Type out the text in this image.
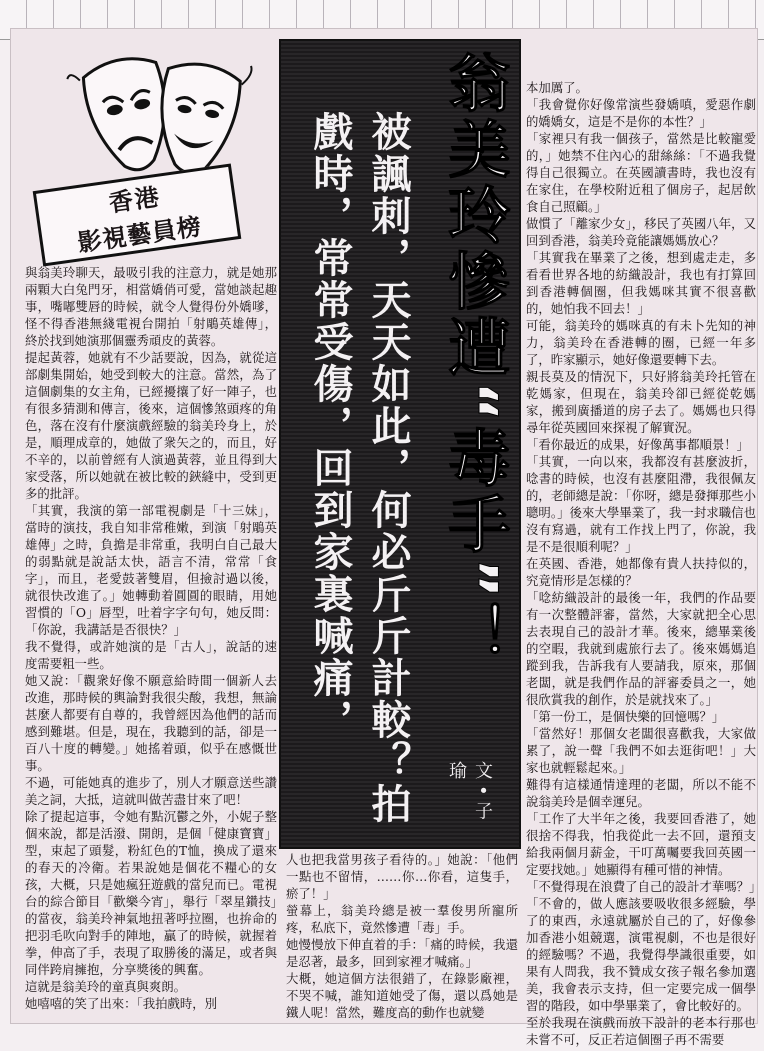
香港
影視藝員榜

與翁美玲聊天，最吸引我的注意力，就是她那兩顆大白兔門牙，相當嬌俏可愛，當她談起趣事，嘴嘟雙唇的時候，就令人覺得份外嬌嗲，怪不得香港無綫電視台開拍「射鵰英雄傳」，終於找到她演那個靈秀頑皮的黃蓉。

提起黃蓉，她就有不少話要說，因為，就從這部劇集開始，她受到較大的注意。當然，為了這個劇集的女主角，已經擾攘了好一陣子，也有很多猜測和傳言，後來，這個慘煞頭疼的角色，落在沒有什麼演戲經驗的翁美玲身上，於是，順理成章的，她做了衆矢之的，而且，好不辛的，以前曾經有人演過黃蓉，並且得到大家受落，所以她就在被比較的鋏縫中，受到更多的批評。

「其實，我演的第一部電視劇是「十三妹」，當時的演技，我自知非常稚嫩，到演「射鵰英雄傳」之時，負擔是非常重，我明白自己最大的弱點就是說話太快，語言不清，常常「食字」，而且，老愛鼓著雙眉，但撿討過以後，就很快改進了。」她轉動着圓圓的眼睛，用她習慣的「O」唇型，吐着字字句句，她反問：「你說，我講話是否很快？」

我不覺得，或許她演的是「古人」，說話的速度需要粗一些。

她又說：「觀衆好像不願意給時間一個新人去改進，那時候的輿論對我很尖酸，我想，無論甚麼人都要有自尊的，我曾經因為他們的話而感到難堪。但是，現在，我聽到的話，卻是一百八十度的轉變。」她搖着頭，似乎在感慨世事。

不過，可能她真的進步了，別人才願意送些讚美之詞，大抵，這就叫做苦盡甘來了吧！

除了提起這事，令她有點沉鬱之外，小妮子整個來說，都是活潑、開朗，是個「健康寶寶」型，束起了頭髮，粉紅色的T恤，換成了還來的春天的冷衛。若果說她是個花不糧心的女孩，大概，只是她瘋狂遊戲的當兒而已。電視台的綜合節目「歡樂今宵」，舉行「翠星鑽技」的當夜，翁美玲神氣地扭著呼拉圈，也拚命的把羽毛吹向對手的陣地，贏了的時候，就握着拳，伸高了手，表現了取勝後的滿足，或者與同伴跨肩擁抱，分享獎後的興奮。

這就是翁美玲的童真與爽朗。

她嘻嘻的笑了出來：「我拍戲時，別

翁美玲慘遭“毒手”！
被諷刺，天天如此，何必斤斤計較？拍戲時，常常受傷，回到家裏喊痛，
文•子瑜

人也把我當男孩子看待的。」她說：「他們一點也不留情，……你…你看，這隻手，瘀了！」

螢幕上，翁美玲總是被一羣俊男所寵所疼，私底下，竟然慘遭「毒」手。

她慢慢放下伸直着的手：「痛的時候，我還是忍著，最多，回到家裡才喊痛。」

大概，她這個方法很錯了，在錄影廠裡，不哭不喊，誰知道她受了傷，還以爲她是鐵人呢！當然，難度高的動作也就變

本加厲了。

「我會覺你好像常演些發嬌嗔，愛惡作劇的嬌嬌女，這是不是你的本性？」

「家裡只有我一個孩子，當然是比較寵愛的，」她禁不住內心的甜絲絲：「不過我覺得自己很獨立。在英國讀書時，我也沒有在家住，在學校附近租了個房子，起居飲食自己照顧。」

做慣了「離家少女」，移民了英國八年，又回到香港，翁美玲竟能讓媽媽放心？

「其實我在畢業了之後，想到處走走，多看看世界各地的紡織設計，我也有打算回到香港轉個圈，但我媽咪其實不很喜歡的，她怕我不回去！」

可能，翁美玲的媽咪真的有未卜先知的神力，翁美玲在香港轉的圈，已經一年多了，昨家顯示，她好像還要轉下去。

親長莫及的情況下，只好將翁美玲托管在乾媽家，但現在，翁美玲卻已經從乾媽家，搬到廣播道的房子去了。媽媽也只得尋年從英國回來探視了解實況。

「看你最近的成果，好像萬事都順景！」

「其實，一向以來，我都沒有甚麼波折，唸書的時候，也沒有甚麼阻滯，我很佩友的，老師總是說：「你呀，總是發揮那些小聰明。」後來大學畢業了，我一封求職信也沒有寫過，就有工作找上門了，你說，我是不是很順利呢？」

在英國、香港，她都像有貴人扶持似的，究竟情形是怎樣的？

「唸紡織設計的最後一年，我們的作品要有一次整體評審，當然，大家就把全心思去表現自己的設計才華。後來，總畢業後的空暇，我就到處旅行去了。後來媽媽追蹤到我，告訴我有人要請我，原來，那個老闆，就是我們作品的評審委員之一，她很欣賞我的創作，於是就找來了。」

「第一份工，是個快樂的回憶嗎？」

「當然好！那個女老闆很喜歡我，大家做累了，說一聲「我們不如去逛街吧！」大家也就輕鬆起來。」

難得有這樣通情達理的老闆，所以不能不說翁美玲是個幸運兒。

「工作了大半年之後，我要回香港了，她很捨不得我，怕我從此一去不回，還預支給我兩個月薪金，干叮萬囑要我回英國一定要找她。」她顯得有種可惜的神情。

「不覺得現在浪費了自己的設計才華嗎？」

「不會的，做人應該要吸收很多經驗，學了的東西，永遠就屬於自己的了，好像參加香港小姐競選，演電視劇，不也是很好的經驗嗎？不過，我覺得學識很重要，如果有人問我，我不贊成女孩子報名參加選美，我會表示支持，但一定要完成一個學習的階段，如中學畢業了，會比較好的。

至於我現在演戲而放下設計的老本行那也未嘗不可，反正若這個圈子再不需要
